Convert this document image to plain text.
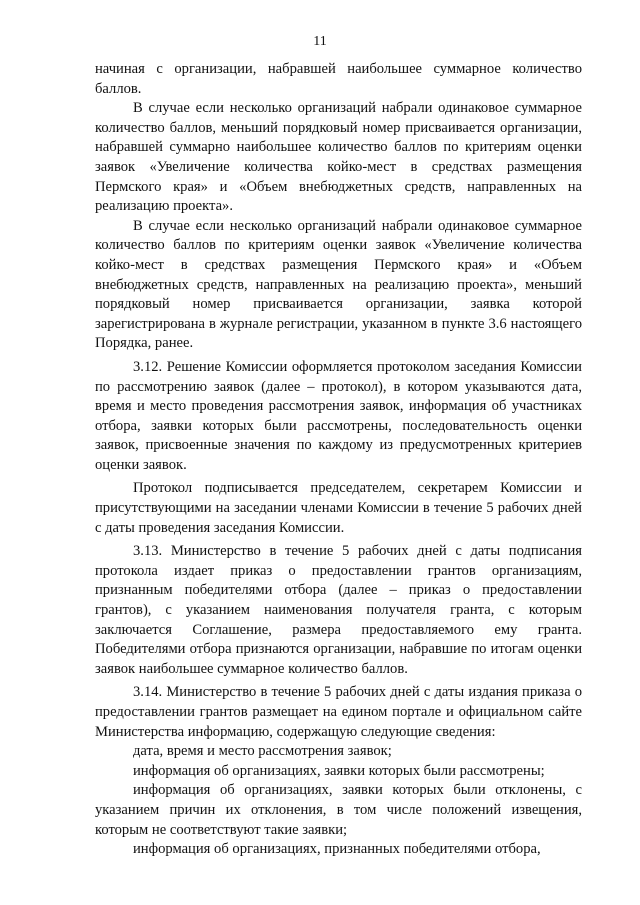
11

начиная с организации, набравшей наибольшее суммарное количество баллов.

В случае если несколько организаций набрали одинаковое суммарное количество баллов, меньший порядковый номер присваивается организации, набравшей суммарно наибольшее количество баллов по критериям оценки заявок «Увеличение количества койко-мест в средствах размещения Пермского края» и «Объем внебюджетных средств, направленных на реализацию проекта».

В случае если несколько организаций набрали одинаковое суммарное количество баллов по критериям оценки заявок «Увеличение количества койко-мест в средствах размещения Пермского края» и «Объем внебюджетных средств, направленных на реализацию проекта», меньший порядковый номер присваивается организации, заявка которой зарегистрирована в журнале регистрации, указанном в пункте 3.6 настоящего Порядка, ранее.

3.12. Решение Комиссии оформляется протоколом заседания Комиссии по рассмотрению заявок (далее – протокол), в котором указываются дата, время и место проведения рассмотрения заявок, информация об участниках отбора, заявки которых были рассмотрены, последовательность оценки заявок, присвоенные значения по каждому из предусмотренных критериев оценки заявок.

Протокол подписывается председателем, секретарем Комиссии и присутствующими на заседании членами Комиссии в течение 5 рабочих дней с даты проведения заседания Комиссии.

3.13. Министерство в течение 5 рабочих дней с даты подписания протокола издает приказ о предоставлении грантов организациям, признанным победителями отбора (далее – приказ о предоставлении грантов), с указанием наименования получателя гранта, с которым заключается Соглашение, размера предоставляемого ему гранта. Победителями отбора признаются организации, набравшие по итогам оценки заявок наибольшее суммарное количество баллов.

3.14. Министерство в течение 5 рабочих дней с даты издания приказа о предоставлении грантов размещает на едином портале и официальном сайте Министерства информацию, содержащую следующие сведения:

дата, время и место рассмотрения заявок;
информация об организациях, заявки которых были рассмотрены;
информация об организациях, заявки которых были отклонены, с указанием причин их отклонения, в том числе положений извещения, которым не соответствуют такие заявки;
информация об организациях, признанных победителями отбора,
